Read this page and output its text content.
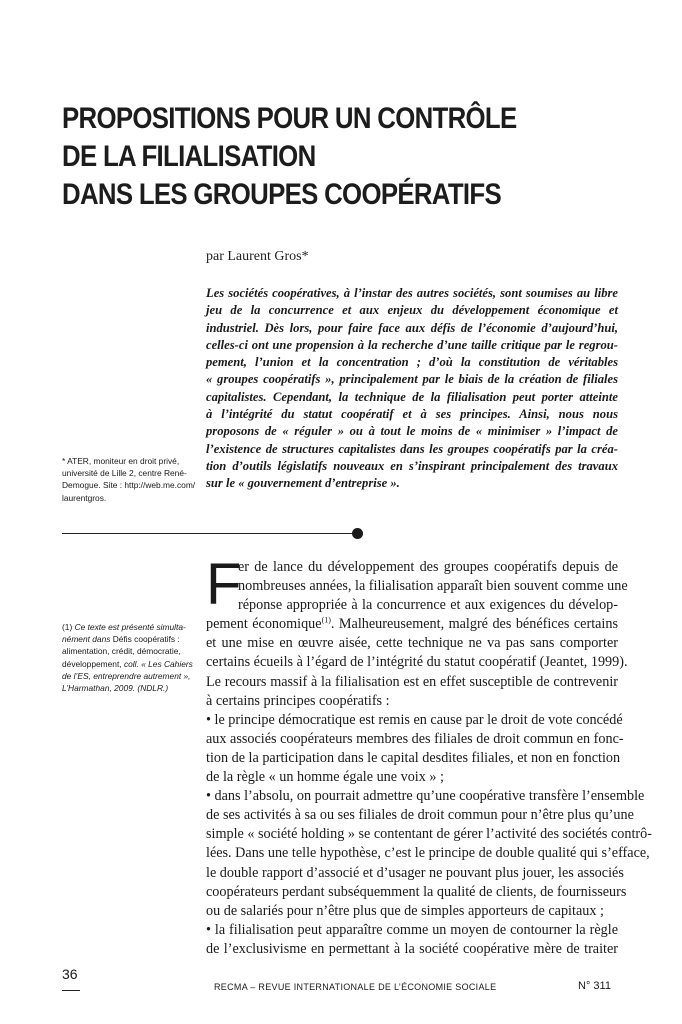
PROPOSITIONS POUR UN CONTRÔLE
DE LA FILIALISATION
DANS LES GROUPES COOPÉRATIFS
par Laurent Gros*
Les sociétés coopératives, à l’instar des autres sociétés, sont soumises au libre
jeu de la concurrence et aux enjeux du développement économique et
industriel. Dès lors, pour faire face aux défis de l’économie d’aujourd’hui,
celles-ci ont une propension à la recherche d’une taille critique par le regrou-
pement, l’union et la concentration ; d’où la constitution de véritables
« groupes coopératifs », principalement par le biais de la création de filiales
capitalistes. Cependant, la technique de la filialisation peut porter atteinte
à l’intégrité du statut coopératif et à ses principes. Ainsi, nous nous
proposons de « réguler » ou à tout le moins de « minimiser » l’impact de
l’existence de structures capitalistes dans les groupes coopératifs par la créa-
tion d’outils législatifs nouveaux en s’inspirant principalement des travaux
sur le « gouvernement d’entreprise ».
* ATER, moniteur en droit privé,
université de Lille 2, centre René-
Demogue. Site : http://web.me.com/
laurentgros.
(1) Ce texte est présenté simulta-
nément dans Défis coopératifs :
alimentation, crédit, démocratie,
développement, coll. « Les Cahiers
de l’ES, entreprendre autrement »,
L’Harmathan, 2009. (NDLR.)
F
er de lance du développement des groupes coopératifs depuis de
nombreuses années, la filialisation apparaît bien souvent comme une
réponse appropriée à la concurrence et aux exigences du dévelop-
pement économique$^{(1)}$. Malheureusement, malgré des bénéfices certains
et une mise en œuvre aisée, cette technique ne va pas sans comporter
certains écueils à l’égard de l’intégrité du statut coopératif (Jeantet, 1999).
Le recours massif à la filialisation est en effet susceptible de contrevenir
à certains principes coopératifs :
• le principe démocratique est remis en cause par le droit de vote concédé
aux associés coopérateurs membres des filiales de droit commun en fonc-
tion de la participation dans le capital desdites filiales, et non en fonction
de la règle « un homme égale une voix » ;
• dans l’absolu, on pourrait admettre qu’une coopérative transfère l’ensemble
de ses activités à sa ou ses filiales de droit commun pour n’être plus qu’une
simple « société holding » se contentant de gérer l’activité des sociétés contrô-
lées. Dans une telle hypothèse, c’est le principe de double qualité qui s’efface,
le double rapport d’associé et d’usager ne pouvant plus jouer, les associés
coopérateurs perdant subséquemment la qualité de clients, de fournisseurs
ou de salariés pour n’être plus que de simples apporteurs de capitaux ;
• la filialisation peut apparaître comme un moyen de contourner la règle
de l’exclusivisme en permettant à la société coopérative mère de traiter
36
RECMA – REVUE INTERNATIONALE DE L’ÉCONOMIE SOCIALE	N° 311
